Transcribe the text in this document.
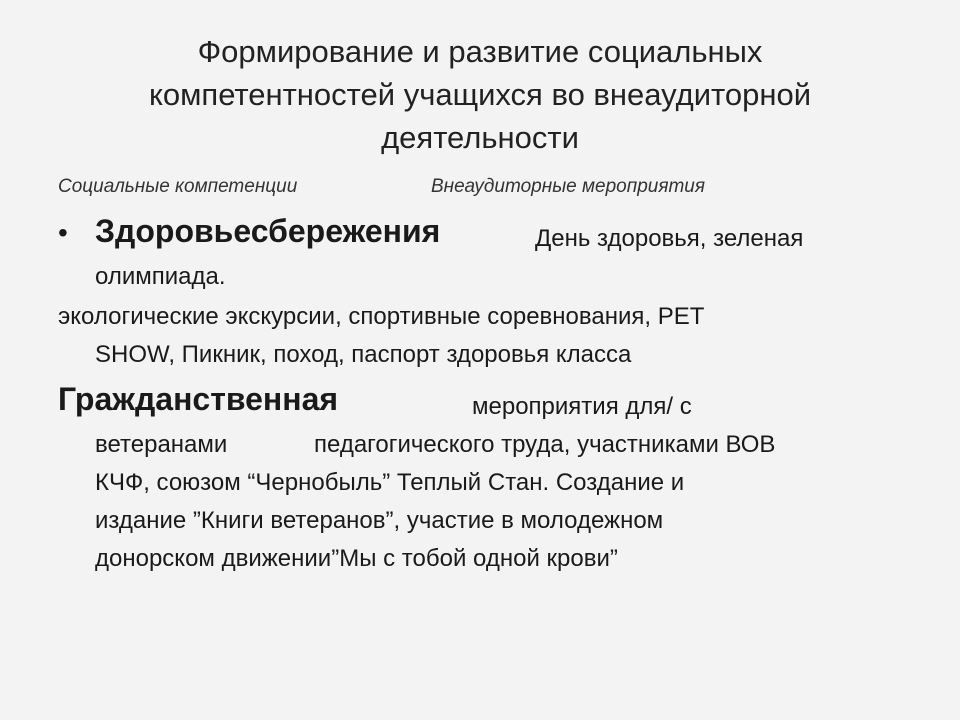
Формирование и развитие социальных
компетентностей учащихся во внеаудиторной
деятельности
Социальные компетенции	Внеаудиторные мероприятия
• Здоровьесбережения	День здоровья, зеленая
олимпиада.
экологические экскурсии, спортивные соревнования, PET
SHOW, Пикник, поход, паспорт здоровья класса
Гражданственная	мероприятия для/ с
ветеранами	педагогического труда, участниками ВОВ
КЧФ, союзом “Чернобыль” Теплый Стан. Создание и
издание ”Книги ветеранов”, участие в молодежном
донорском движении”Мы с тобой одной крови”
